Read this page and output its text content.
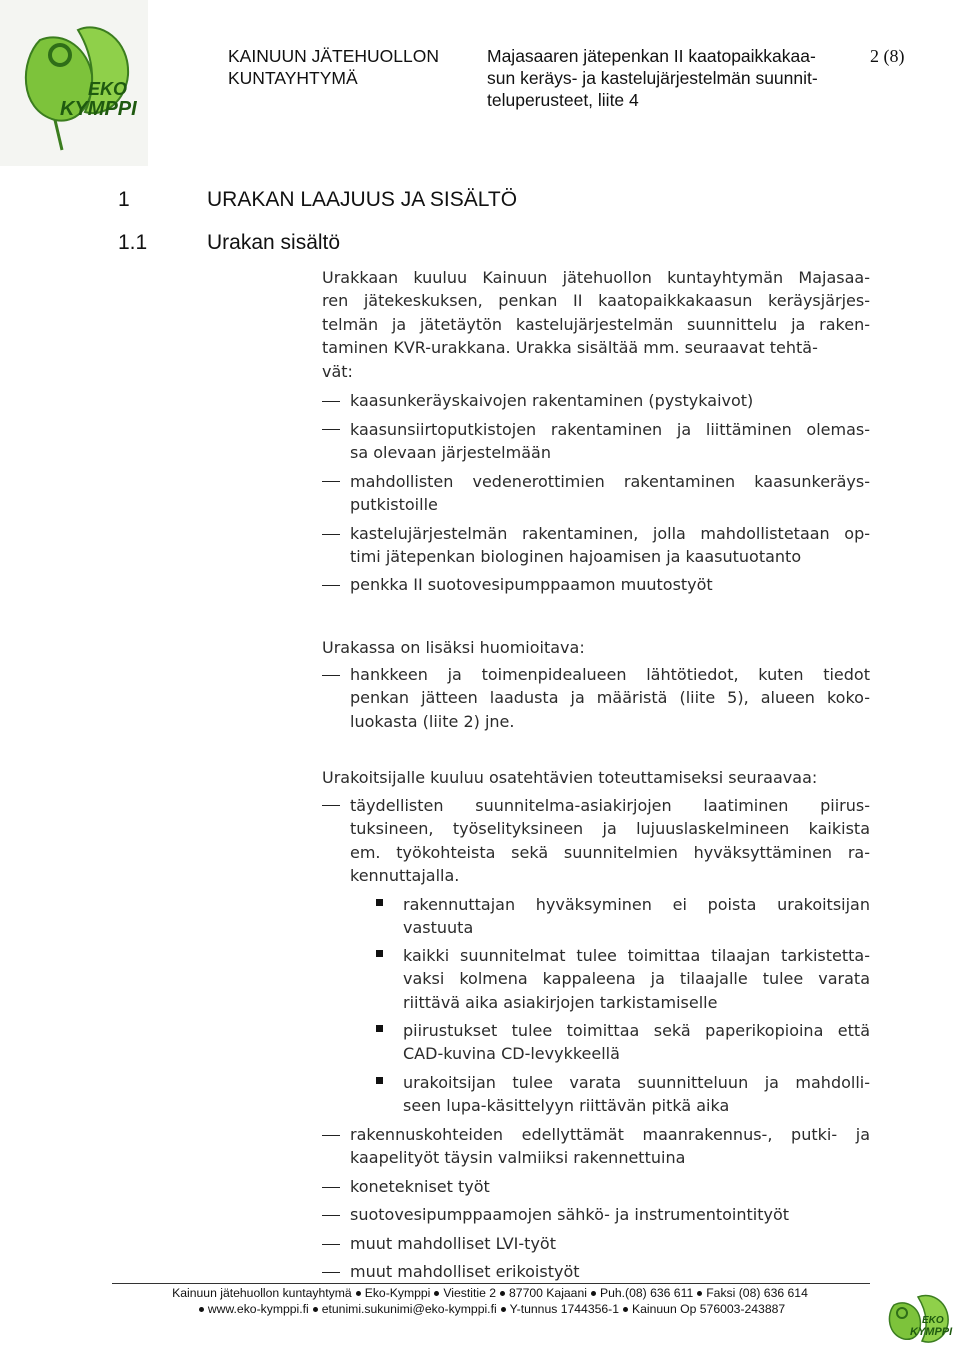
EKO
KYMPPI
KAINUUN JÄTEHUOLLON
KUNTAYHTYMÄ
Majasaaren jätepenkan II kaatopaikkakaa-
sun keräys- ja kastelujärjestelmän suunnit-
teluperusteet, liite 4
2 (8)
1	URAKAN LAAJUUS JA SISÄLTÖ
1.1	Urakan sisältö
Urakkaan kuuluu Kainuun jätehuollon kuntayhtymän Majasaa-
ren jätekeskuksen, penkan II kaatopaikkakaasun keräysjärjes-
telmän ja jätetäytön kastelujärjestelmän suunnittelu ja raken-
taminen KVR-urakkana. Urakka sisältää mm. seuraavat tehtä-
vät:
kaasunkeräyskaivojen rakentaminen (pystykaivot)
kaasunsiirtoputkistojen rakentaminen ja liittäminen olemas-
sa olevaan järjestelmään
mahdollisten vedenerottimien rakentaminen kaasunkeräys-
putkistoille
kastelujärjestelmän rakentaminen, jolla mahdollistetaan op-
timi jätepenkan biologinen hajoamisen ja kaasutuotanto
penkka II suotovesipumppaamon muutostyöt
Urakassa on lisäksi huomioitava:
hankkeen ja toimenpidealueen lähtötiedot, kuten tiedot
penkan jätteen laadusta ja määristä (liite 5), alueen koko-
luokasta (liite 2) jne.
Urakoitsijalle kuuluu osatehtävien toteuttamiseksi seuraavaa:
täydellisten suunnitelma-asiakirjojen laatiminen piirus-
tuksineen, työselityksineen ja lujuuslaskelmineen kaikista
em. työkohteista sekä suunnitelmien hyväksyttäminen ra-
kennuttajalla.
rakennuttajan hyväksyminen ei poista urakoitsijan
vastuuta
kaikki suunnitelmat tulee toimittaa tilaajan tarkistetta-
vaksi kolmena kappaleena ja tilaajalle tulee varata
riittävä aika asiakirjojen tarkistamiselle
piirustukset tulee toimittaa sekä paperikopioina että
CAD-kuvina CD-levykkeellä
urakoitsijan tulee varata suunnitteluun ja mahdolli-
seen lupa-käsittelyyn riittävän pitkä aika
rakennuskohteiden edellyttämät maanrakennus-, putki- ja
kaapelityöt täysin valmiiksi rakennettuina
konetekniset työt
suotovesipumppaamojen sähkö- ja instrumentointityöt
muut mahdolliset LVI-työt
muut mahdolliset erikoistyöt
Kainuun jätehuollon kuntayhtymä Eko-Kymppi Viestitie 2 87700 Kajaani Puh.(08) 636 611 Faksi (08) 636 614
www.eko-kymppi.fi etunimi.sukunimi@eko-kymppi.fi Y-tunnus 1744356-1 Kainuun Op 576003-243887
EKO
KYMPPI
